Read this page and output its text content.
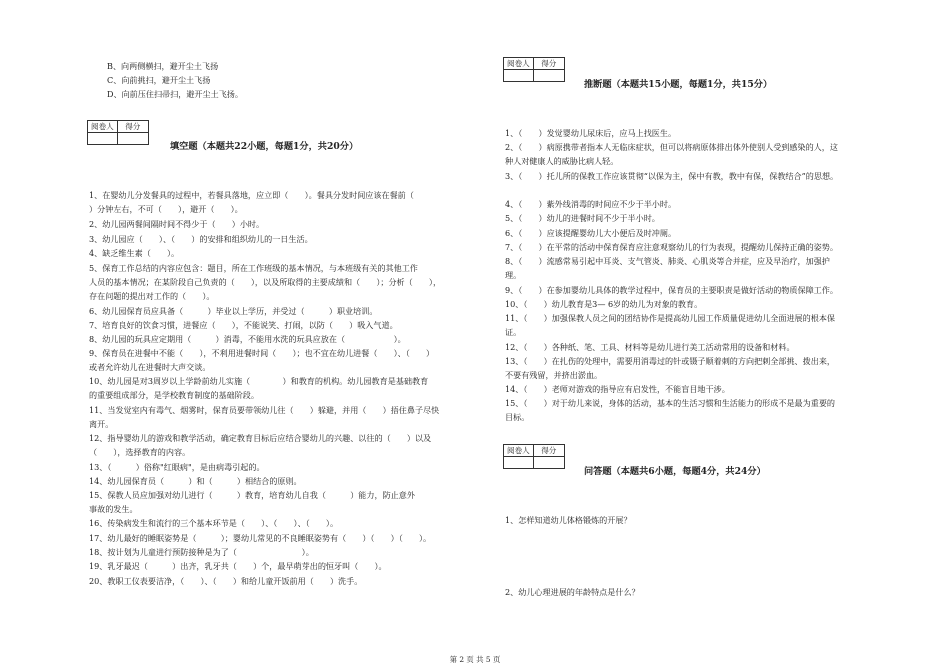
B、向两侧横扫，避开尘土飞扬
C、向前挑扫，避开尘土飞扬
D、向前压住扫帚扫，避开尘土飞扬。
阅卷人	得分

填空题（本题共22小题，每题1分，共20分）
1、在婴幼儿分发餐具的过程中，若餐具落地，应立即（　　）。餐具分发时间应该在餐前（
）分钟左右，不可（　　），避开（　　）。
2、幼儿园两餐间隔时间不得少于（　　）小时。
3、幼儿园应（　　）、（　　）的安排和组织幼儿的一日生活。
4、缺乏维生素（　　）。
5、保育工作总结的内容应包含：题目，所在工作班级的基本情况，与本班级有关的其他工作
人员的基本情况；在某阶段自己负责的（　　），以及所取得的主要成绩和（　　）；分析（　　），
存在问题的提出对工作的（　　）。
6、幼儿园保育员应具备（　　　）毕业以上学历，并受过（　　　）职业培训。
7、培育良好的饮食习惯，进餐应（　　），不能说笑、打闹，以防（　　）吸入气道。
8、幼儿园的玩具应定期用（　　　）消毒，不能用水洗的玩具应放在（　　　　　　）。
9、保育员在进餐中不能（　　），不利用进餐时间（　　）；也不宜在幼儿进餐（　　）、（　　）
或者允许幼儿在进餐时大声交谈。
10、幼儿园是对3周岁以上学龄前幼儿实施（　　　　）和教育的机构。幼儿园教育是基础教育
的重要组成部分，是学校教育制度的基础阶段。
11、当发觉室内有毒气、烟雾时，保育员要带领幼儿往（　　）躲避，并用（　　）捂住鼻子尽快
离开。
12、指导婴幼儿的游戏和教学活动，确定教育目标后应结合婴幼儿的兴趣、以往的（　　）以及
（　　），选择教育的内容。
13、（　　　）俗称"红眼病"，是由病毒引起的。
14、幼儿园保育员（　　　）和（　　　）相结合的原则。
15、保教人员应加强对幼儿进行（　　　）教育，培育幼儿自我（　　　）能力，防止意外
事故的发生。
16、传染病发生和流行的三个基本环节是（　　）、（　　）、（　　）。
17、幼儿最好的睡眠姿势是（　　　）；婴幼儿常见的不良睡眠姿势有（　　）（　　）（　　）。
18、按计划为儿童进行预防接种是为了（　　　　　　　　）。
19、乳牙最迟（　　　）出齐，乳牙共（　　）个，最早萌芽出的恒牙叫（　　）。
20、教职工仪表要洁净，（　　）、（　　）和给儿童开饭前用（　　）洗手。
阅卷人	得分

推断题（本题共15小题，每题1分，共15分）
1、（　　）发觉婴幼儿尿床后，应马上找医生。
2、（　　）病原携带者指本人无临床症状，但可以将病原体排出体外使别人受到感染的人，这
种人对健康人的威胁比病人轻。
3、（　　）托儿所的保教工作应该贯彻“以保为主，保中有教，教中有保，保教结合”的思想。
4、（　　）紫外线消毒的时间应不少于半小时。
5、（　　）幼儿的进餐时间不少于半小时。
6、（　　）应该提醒婴幼儿大小便后及时冲厕。
7、（　　）在平常的活动中保育保育应注意观察幼儿的行为表现，提醒幼儿保持正确的姿势。
8、（　　）流感常易引起中耳炎、支气管炎、肺炎、心肌炎等合并症，应及早治疗，加强护
理。
9、（　　）在参加婴幼儿具体的教学过程中，保育员的主要职责是做好活动的物质保障工作。
10、（　　）幼儿教育是3— 6岁的幼儿为对象的教育。
11、（　　）加强保教人员之间的团结协作是提高幼儿园工作质量促进幼儿全面进展的根本保
证。
12、（　　）各种纸、笔、工具、材料等是幼儿进行美工活动常用的设备和材料。
13、（　　）在扎伤的处理中，需要用消毒过的针或镊子顺着刺的方向把刺全部挑、拨出来，
不要有残留，并挤出淤血。
14、（　　）老师对游戏的指导应有启发性，不能盲目地干涉。
15、（　　）对于幼儿来说，身体的活动，基本的生活习惯和生活能力的形成不是最为重要的
目标。
阅卷人	得分

问答题（本题共6小题，每题4分，共24分）
1、怎样知道幼儿体格锻炼的开展？
2、幼儿心理进展的年龄特点是什么？
第 2 页 共 5 页
